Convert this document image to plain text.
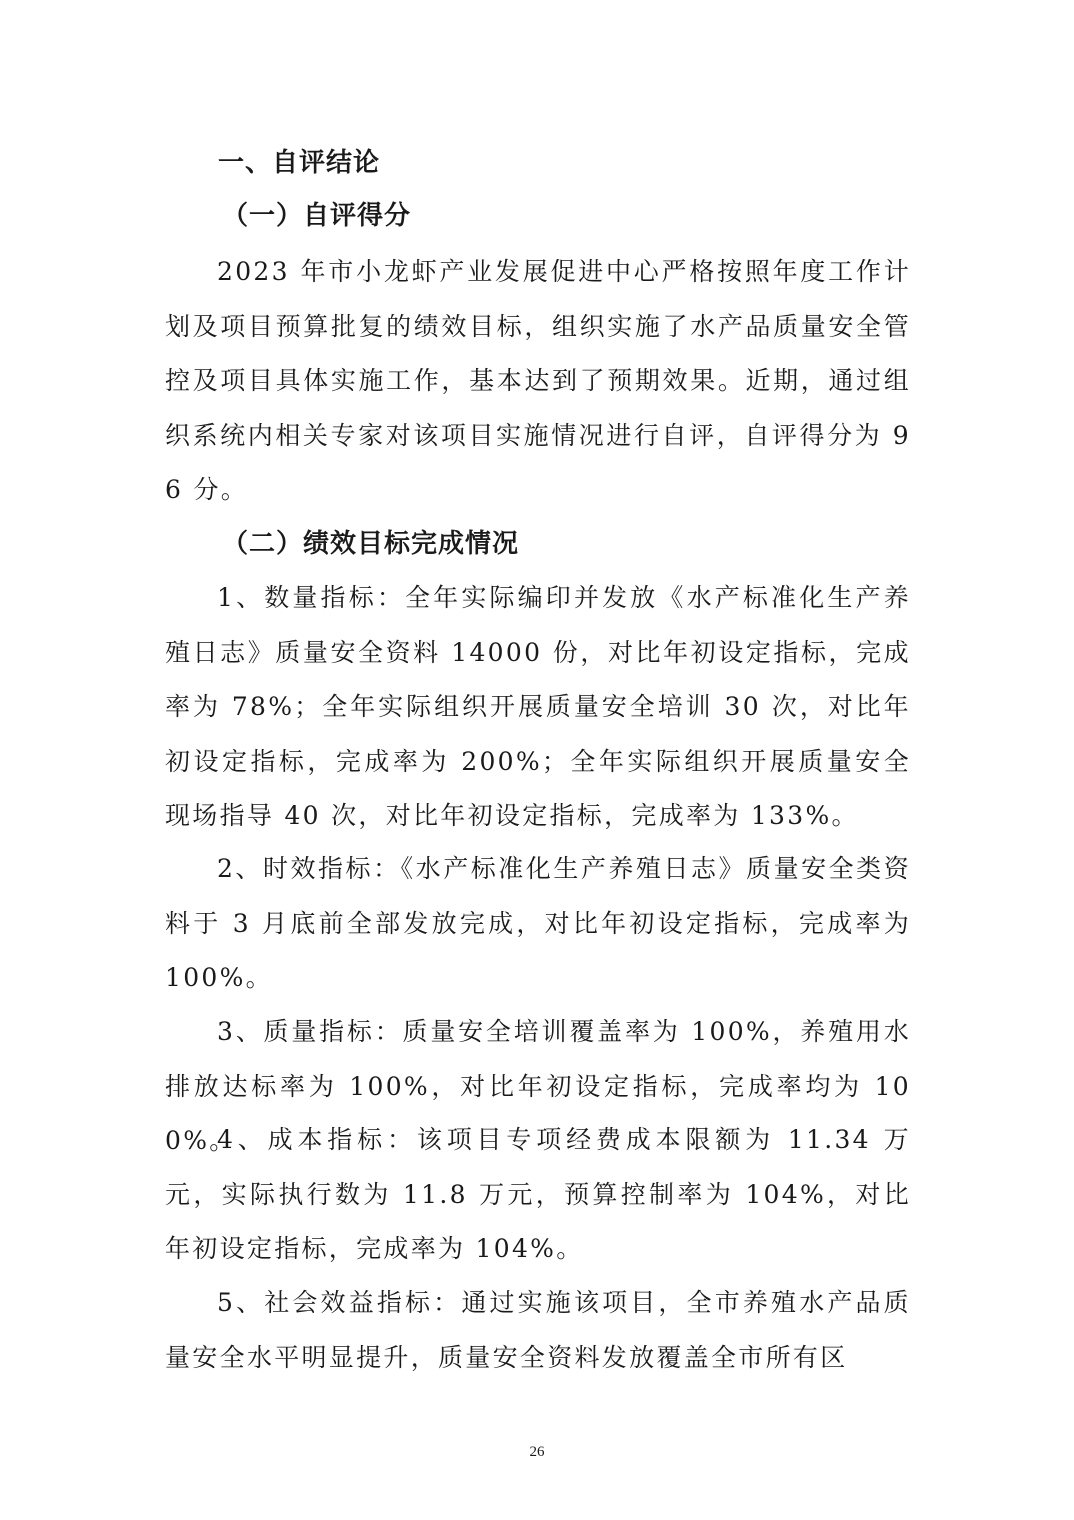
一、自评结论
（一）自评得分
2023 年市小龙虾产业发展促进中心严格按照年度工作计划及项目预算批复的绩效目标，组织实施了水产品质量安全管控及项目具体实施工作，基本达到了预期效果。近期，通过组织系统内相关专家对该项目实施情况进行自评，自评得分为 96 分。
（二）绩效目标完成情况
1、数量指标：全年实际编印并发放《水产标准化生产养殖日志》质量安全资料 14000 份，对比年初设定指标，完成率为 78%；全年实际组织开展质量安全培训 30 次，对比年初设定指标，完成率为 200%；全年实际组织开展质量安全现场指导 40 次，对比年初设定指标，完成率为 133%。
2、时效指标：《水产标准化生产养殖日志》质量安全类资料于 3 月底前全部发放完成，对比年初设定指标，完成率为 100%。
3、质量指标：质量安全培训覆盖率为 100%，养殖用水排放达标率为 100%，对比年初设定指标，完成率均为 100%。
4、成本指标：该项目专项经费成本限额为 11.34 万元，实际执行数为 11.8 万元，预算控制率为 104%，对比年初设定指标，完成率为 104%。
5、社会效益指标：通过实施该项目，全市养殖水产品质量安全水平明显提升，质量安全资料发放覆盖全市所有区
26
